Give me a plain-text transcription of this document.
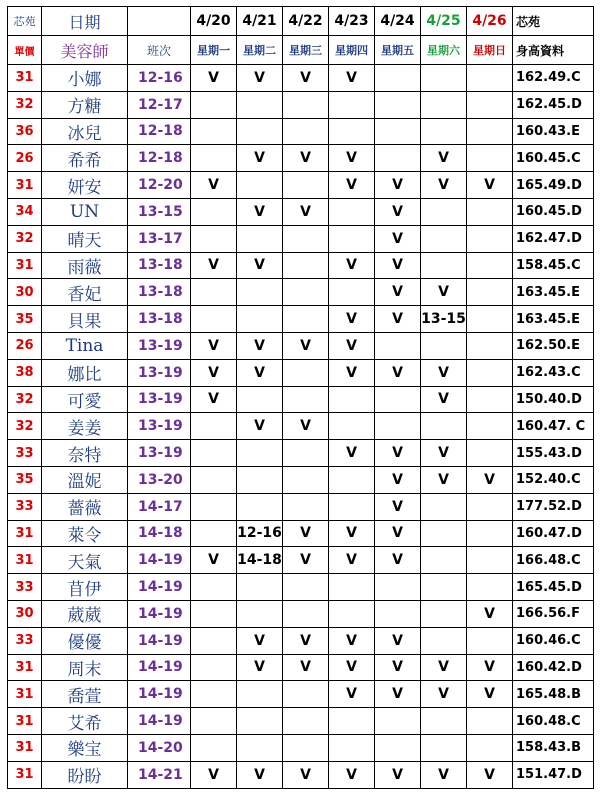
芯苑	日期		4/20	4/21	4/22	4/23	4/24	4/25	4/26	芯苑
單價	美容師	班次	星期一	星期二	星期三	星期四	星期五	星期六	星期日	身高資料
31	小娜	12-16	V	V	V	V				162.49.C
32	方糖	12-17								162.45.D
36	冰兒	12-18								160.43.E
26	希希	12-18		V	V	V		V		160.45.C
31	妍安	12-20	V			V	V	V	V	165.49.D
34	UN	13-15		V	V		V			160.45.D
32	晴天	13-17					V			162.47.D
31	雨薇	13-18	V	V		V	V			158.45.C
30	香妃	13-18					V	V		163.45.E
35	貝果	13-18				V	V	13-15		163.45.E
26	Tina	13-19	V	V	V	V				162.50.E
38	娜比	13-19	V	V		V	V	V		162.43.C
32	可愛	13-19	V					V		150.40.D
32	姜姜	13-19		V	V					160.47. C
33	奈特	13-19				V	V	V		155.43.D
35	溫妮	13-20					V	V	V	152.40.C
33	薔薇	14-17					V			177.52.D
31	萊令	14-18		12-16	V	V	V			160.47.D
31	天氣	14-19	V	14-18	V	V	V			166.48.C
33	苜伊	14-19								165.45.D
30	葳葳	14-19							V	166.56.F
33	優優	14-19		V	V	V	V			160.46.C
31	周末	14-19		V	V	V	V	V	V	160.42.D
31	喬萱	14-19				V	V	V	V	165.48.B
31	艾希	14-19								160.48.C
31	樂宝	14-20								158.43.B
31	盼盼	14-21	V	V	V	V	V	V	V	151.47.D
